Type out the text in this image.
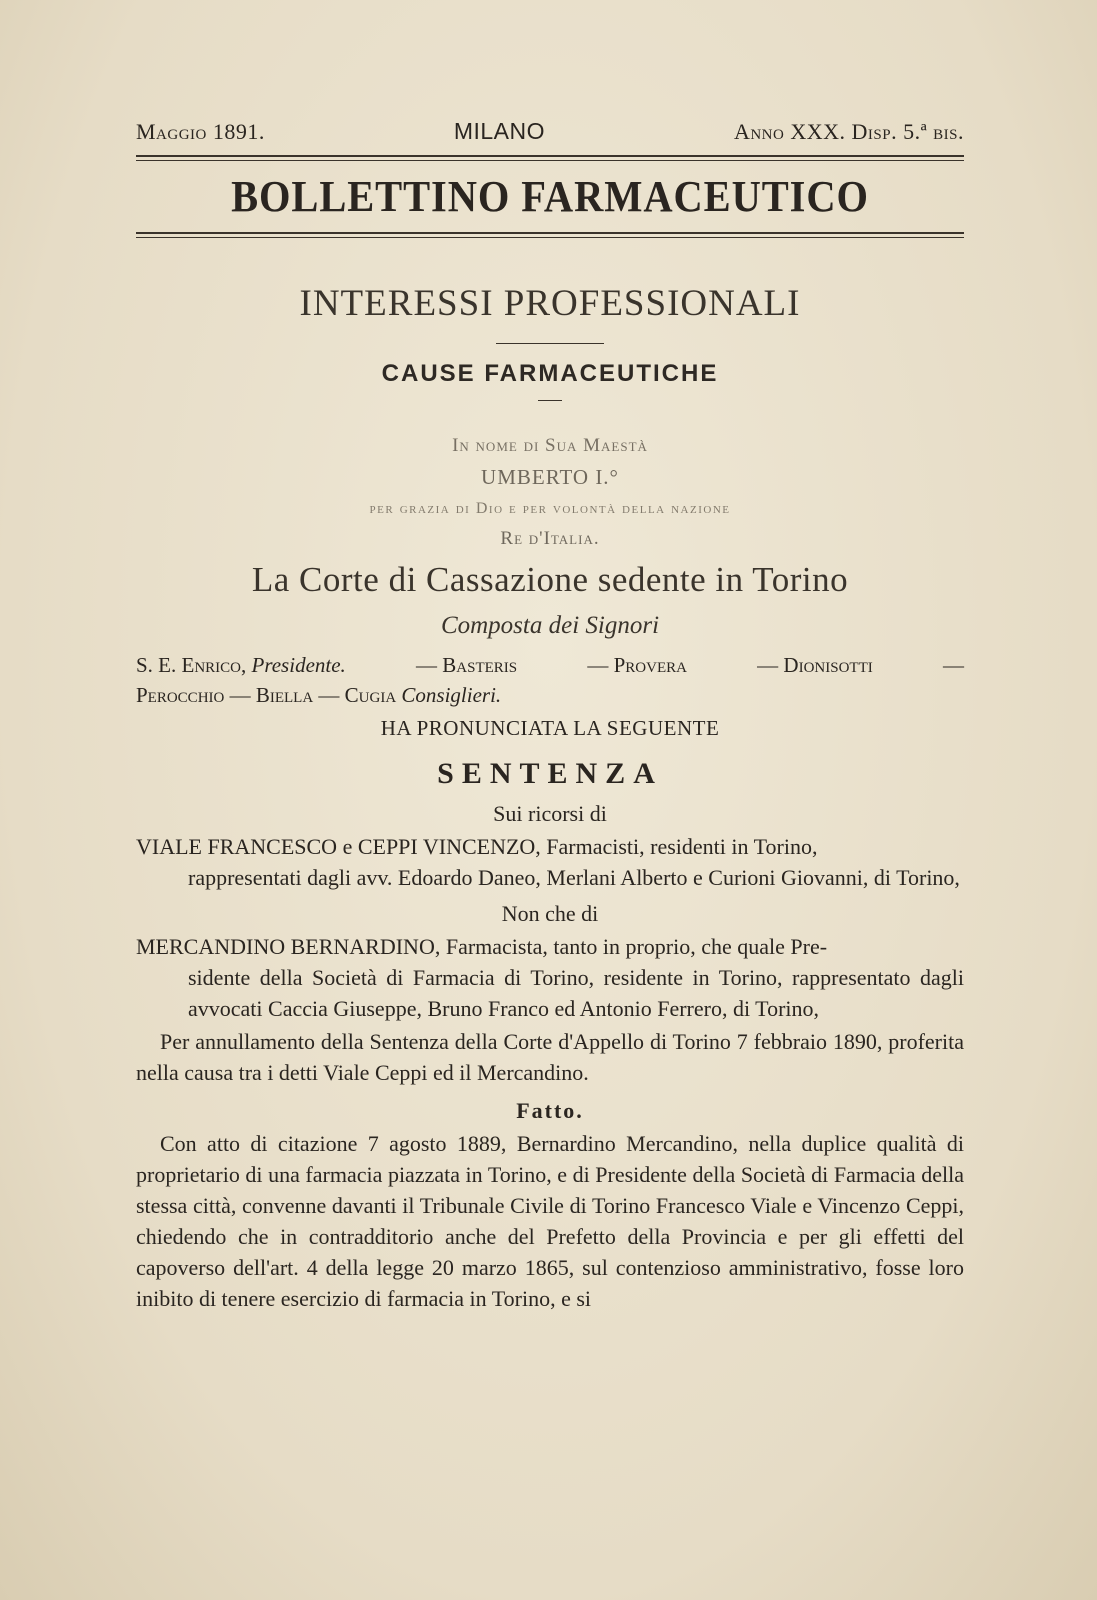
Maggio 1891.	MILANO	Anno XXX. Disp. 5.ª bis.
BOLLETTINO FARMACEUTICO
INTERESSI PROFESSIONALI
CAUSE FARMACEUTICHE
In nome di Sua Maestà
UMBERTO I.°
per grazia di Dio e per volontà della nazione
Re d'Italia.
La Corte di Cassazione sedente in Torino
Composta dei Signori
S. E. Enrico, Presidente.	— Basteris	— Provera	— Dionisotti	—
Perocchio — Biella — Cugia Consiglieri.
HA PRONUNCIATA LA SEGUENTE
SENTENZA
Sui ricorsi di
VIALE FRANCESCO e CEPPI VINCENZO, Farmacisti, residenti in Torino,
rappresentati dagli avv. Edoardo Daneo, Merlani Alberto e Curioni Giovanni, di Torino,
Non che di
MERCANDINO BERNARDINO, Farmacista, tanto in proprio, che quale Pre-
sidente della Società di Farmacia di Torino, residente in Torino, rappresentato dagli avvocati Caccia Giuseppe, Bruno Franco ed Antonio Ferrero, di Torino,
Per annullamento della Sentenza della Corte d'Appello di Torino 7 febbraio 1890, proferita nella causa tra i detti Viale Ceppi ed il Mercandino.
Fatto.
Con atto di citazione 7 agosto 1889, Bernardino Mercandino, nella duplice qualità di proprietario di una farmacia piazzata in Torino, e di Presidente della Società di Farmacia della stessa città, convenne davanti il Tribunale Civile di Torino Francesco Viale e Vincenzo Ceppi, chiedendo che in contradditorio anche del Prefetto della Provincia e per gli effetti del capoverso dell'art. 4 della legge 20 marzo 1865, sul contenzioso amministrativo, fosse loro inibito di tenere esercizio di farmacia in Torino, e si
